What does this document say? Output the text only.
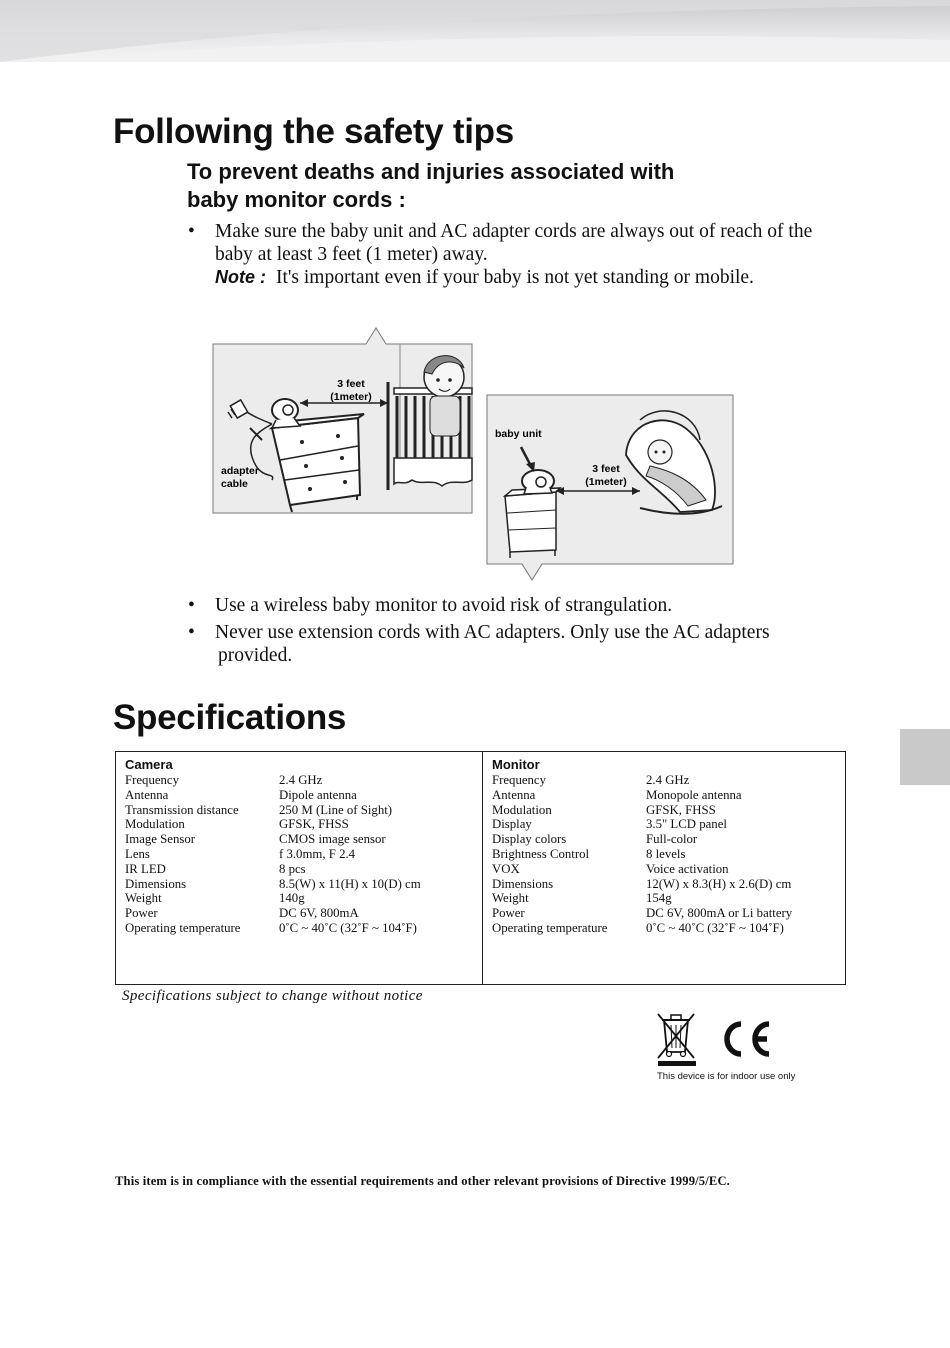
Following the safety tips

To prevent deaths and injuries associated with
baby monitor cords :

•	Make sure the baby unit and AC adapter cords are always out of reach of the
baby at least 3 feet (1 meter) away.
Note : It's important even if your baby is not yet standing or mobile.
3 feet
(1meter)
adapter
cable
baby unit
3 feet
(1meter)
•	Use a wireless baby monitor to avoid risk of strangulation.
•	Never use extension cords with AC adapters. Only use the AC adapters
provided.
Specifications
Camera
Frequency	2.4 GHz
Antenna	Dipole antenna
Transmission distance	250 M (Line of Sight)
Modulation	GFSK, FHSS
Image Sensor	CMOS image sensor
Lens	f 3.0mm, F 2.4
IR LED	8 pcs
Dimensions	8.5(W) x 11(H) x 10(D) cm
Weight	140g
Power	DC 6V, 800mA
Operating temperature	0˚C ~ 40˚C (32˚F ~ 104˚F)
Monitor
Frequency	2.4 GHz
Antenna	Monopole antenna
Modulation	GFSK, FHSS
Display	3.5" LCD panel
Display colors	Full-color
Brightness Control	8 levels
VOX	Voice activation
Dimensions	12(W) x 8.3(H) x 2.6(D) cm
Weight	154g
Power	DC 6V, 800mA or Li battery
Operating temperature	0˚C ~ 40˚C (32˚F ~ 104˚F)

Specifications subject to change without notice

This device is for indoor use only

This item is in compliance with the essential requirements and other relevant provisions of Directive 1999/5/EC.
